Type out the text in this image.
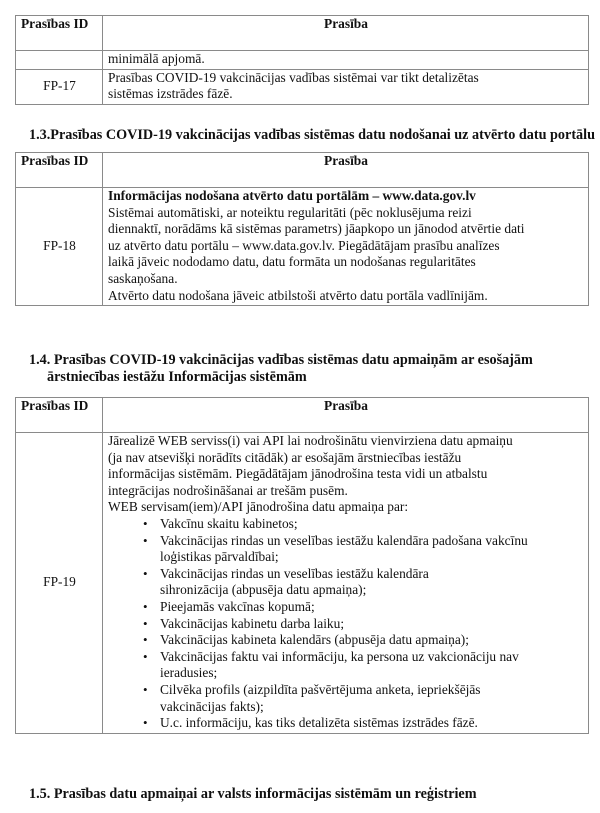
Prasības ID	Prasība
	minimālā apjomā.
FP-17	Prasības COVID-19 vakcinācijas vadības sistēmai var tikt detalizētas sistēmas izstrādes fāzē.
1.3.Prasības COVID-19 vakcinācijas vadības sistēmas datu nodošanai uz atvērto datu portālu
Prasības ID	Prasība
FP-18	Informācijas nodošana atvērto datu portālām – www.data.gov.lv
Sistēmai automātiski, ar noteiktu regularitāti (pēc noklusējuma reizi diennaktī, norādāms kā sistēmas parametrs) jāapkopo un jānodod atvērtie dati uz atvērto datu portālu – www.data.gov.lv. Piegādātājam prasību analīzes laikā jāveic nododamo datu, datu formāta un nodošanas regularitātes saskaņošana.
Atvērto datu nodošana jāveic atbilstoši atvērto datu portāla vadlīnijām.
1.4. Prasības COVID-19 vakcinācijas vadības sistēmas datu apmaiņām ar esošajām ārstniecības iestāžu Informācijas sistēmām
Prasības ID	Prasība
FP-19	
Jārealizē WEB serviss(i) vai API lai nodrošinātu vienvirziena datu apmaiņu (ja nav atsevišķi norādīts citādāk) ar esošajām ārstniecības iestāžu informācijas sistēmām. Piegādātājam jānodrošina testa vidi un atbalstu integrācijas nodrošināšanai ar trešām pusēm.
WEB servisam(iem)/API jānodrošina datu apmaiņa par:
• Vakcīnu skaitu kabinetos;
• Vakcinācijas rindas un veselības iestāžu kalendāra padošana vakcīnu loģistikas pārvaldībai;
• Vakcinācijas rindas un veselības iestāžu kalendāra sihronizācija (abpusēja datu apmaiņa);
• Pieejamās vakcīnas kopumā;
• Vakcinācijas kabinetu darba laiku;
• Vakcinācijas kabineta kalendārs (abpusēja datu apmaiņa);
• Vakcinācijas faktu vai informāciju, ka persona uz vakcionāciju nav ieradusies;
• Cilvēka profils (aizpildīta pašvērtējuma anketa, iepriekšējās vakcinācijas fakts);
• U.c. informāciju, kas tiks detalizēta sistēmas izstrādes fāzē.
1.5. Prasības datu apmaiņai ar valsts informācijas sistēmām un reģistriem
